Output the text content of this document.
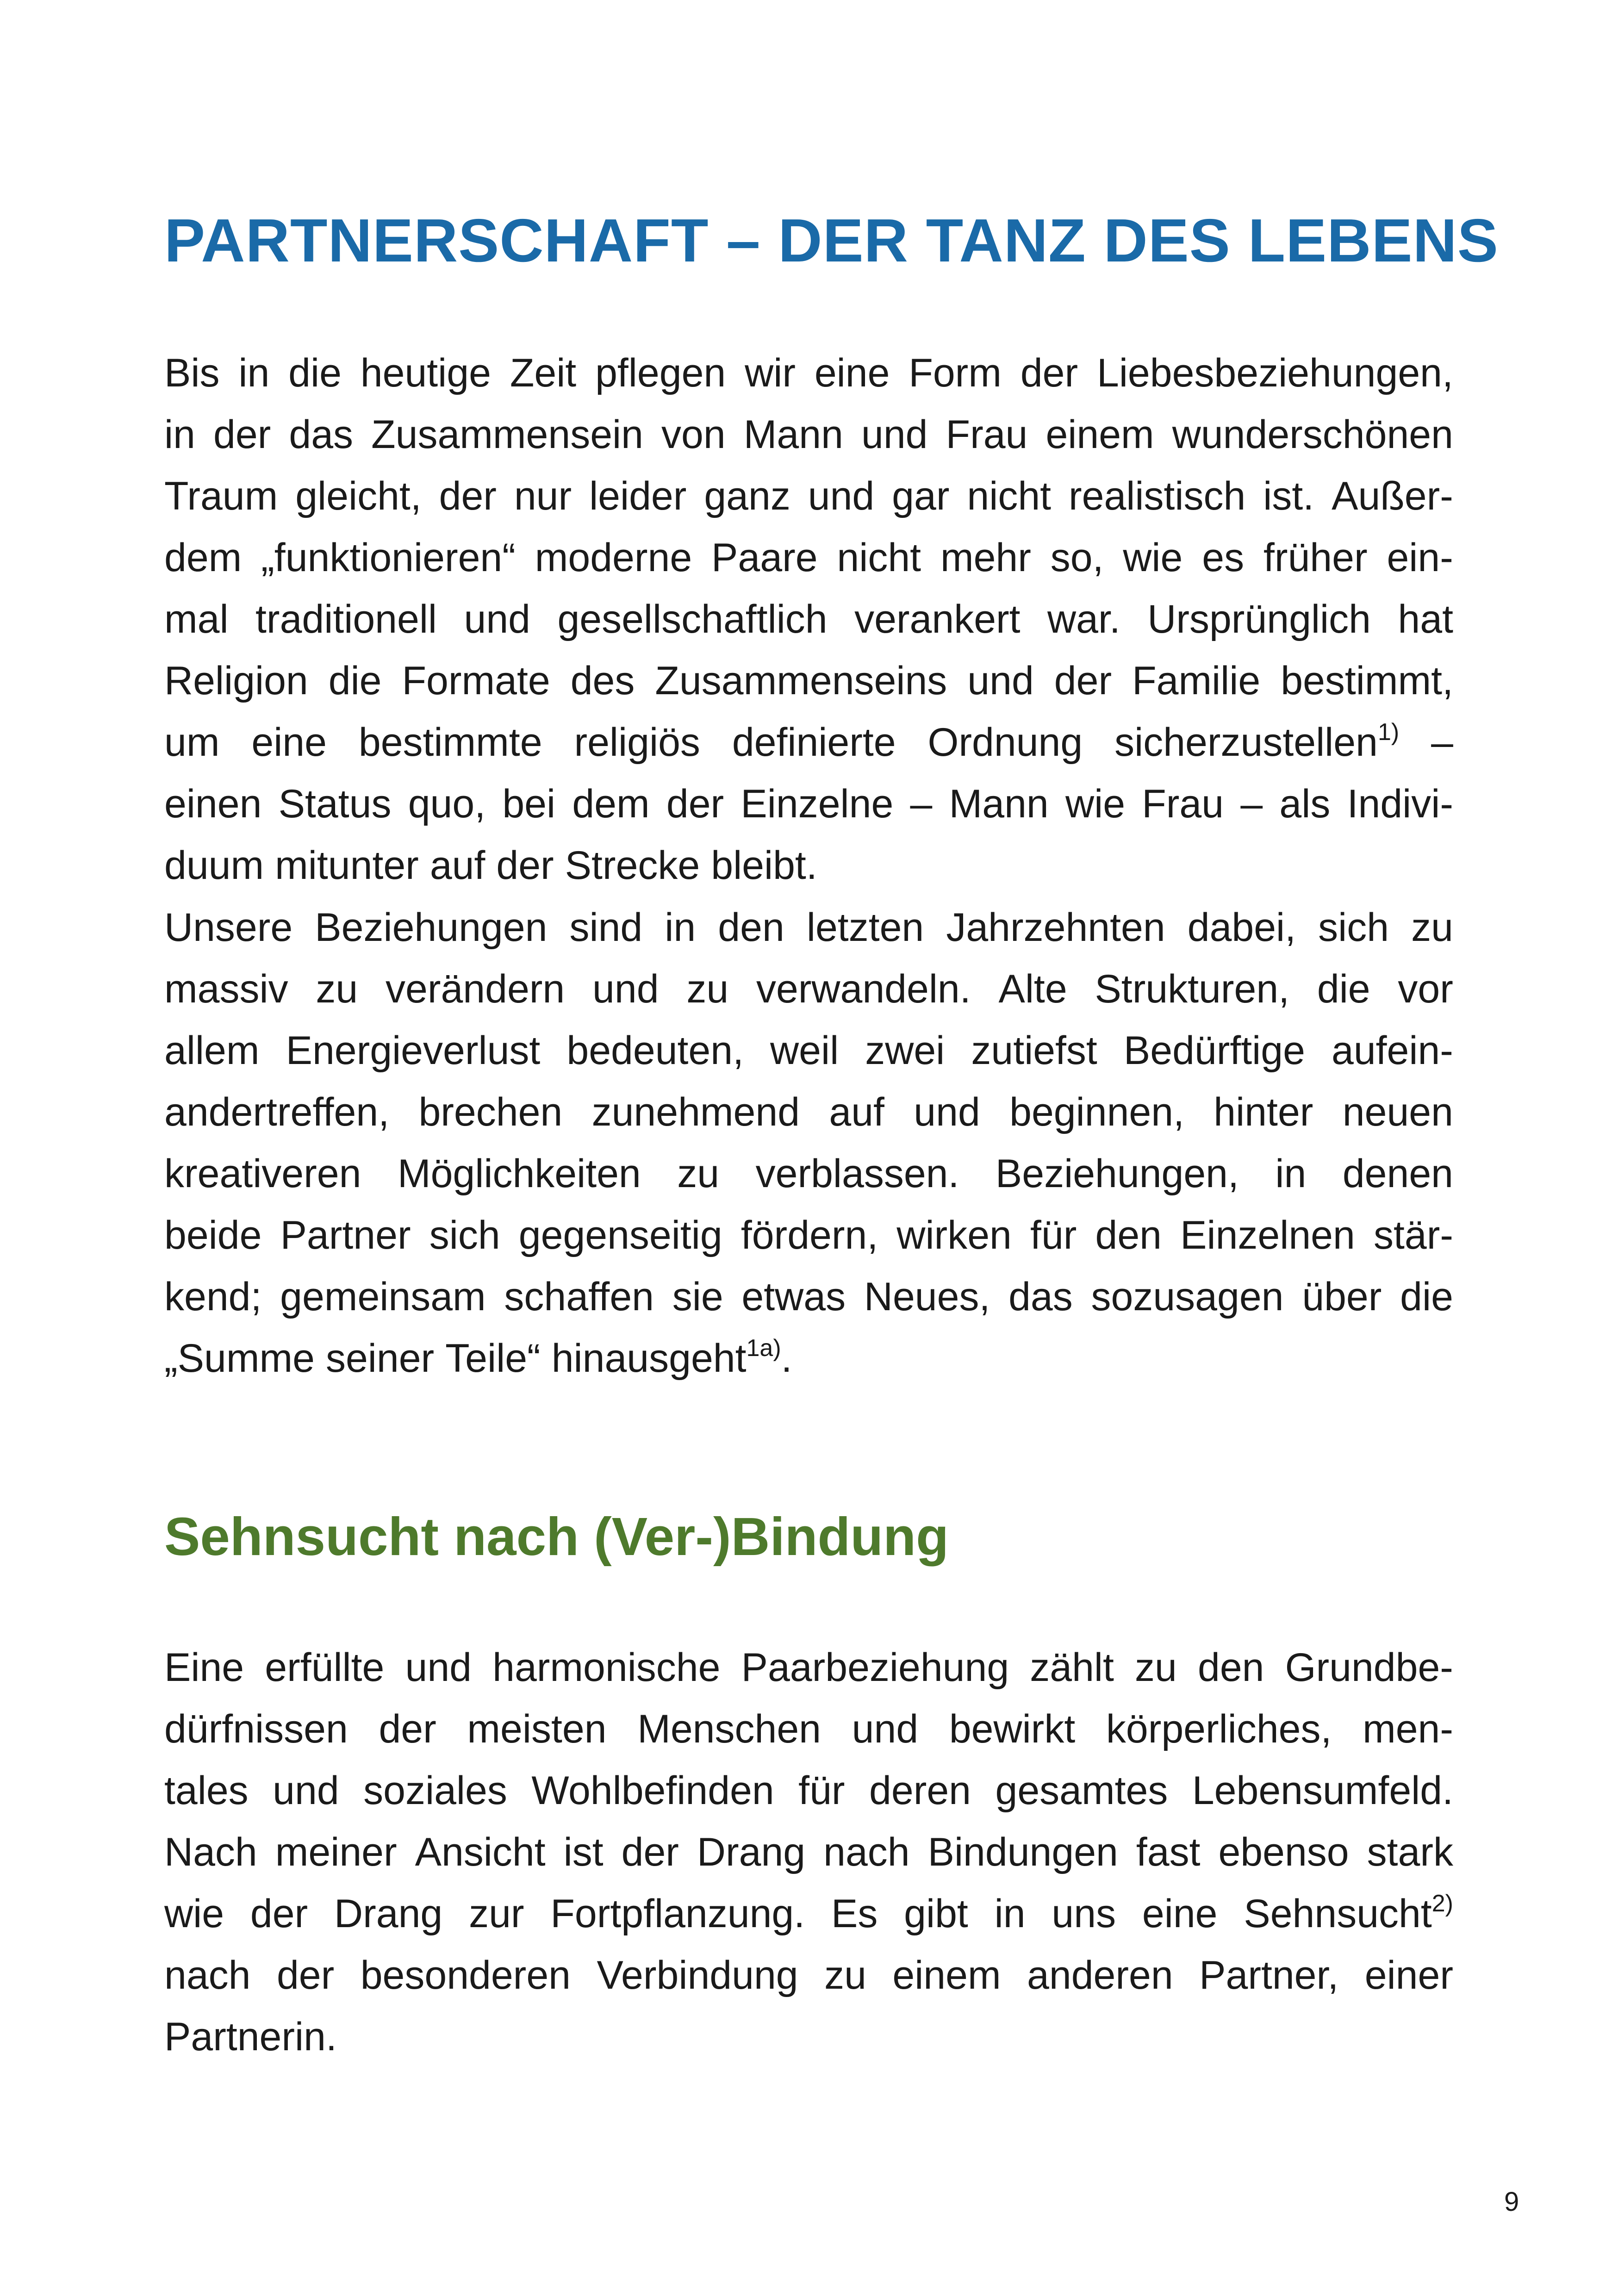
PARTNERSCHAFT – DER TANZ DES LEBENS
Bis in die heutige Zeit pflegen wir eine Form der Liebesbeziehungen,
in der das Zusammensein von Mann und Frau einem wunderschönen
Traum gleicht, der nur leider ganz und gar nicht realistisch ist. Außer-
dem „funktionieren“ moderne Paare nicht mehr so, wie es früher ein-
mal traditionell und gesellschaftlich verankert war. Ursprünglich hat
Religion die Formate des Zusammenseins und der Familie bestimmt,
um eine bestimmte religiös definierte Ordnung sicherzustellen$^{1)}$ –
einen Status quo, bei dem der Einzelne – Mann wie Frau – als Indivi-
duum mitunter auf der Strecke bleibt.
Unsere Beziehungen sind in den letzten Jahrzehnten dabei, sich zu
massiv zu verändern und zu verwandeln. Alte Strukturen, die vor
allem Energieverlust bedeuten, weil zwei zutiefst Bedürftige aufein-
andertreffen, brechen zunehmend auf und beginnen, hinter neuen
kreativeren Möglichkeiten zu verblassen. Beziehungen, in denen
beide Partner sich gegenseitig fördern, wirken für den Einzelnen stär-
kend; gemeinsam schaffen sie etwas Neues, das sozusagen über die
„Summe seiner Teile“ hinausgeht$^{1a)}$.
Sehnsucht nach (Ver-)Bindung
Eine erfüllte und harmonische Paarbeziehung zählt zu den Grundbe-
dürfnissen der meisten Menschen und bewirkt körperliches, men-
tales und soziales Wohlbefinden für deren gesamtes Lebensumfeld.
Nach meiner Ansicht ist der Drang nach Bindungen fast ebenso stark
wie der Drang zur Fortpflanzung. Es gibt in uns eine Sehnsucht$^{2)}$
nach der besonderen Verbindung zu einem anderen Partner, einer
Partnerin.
9
